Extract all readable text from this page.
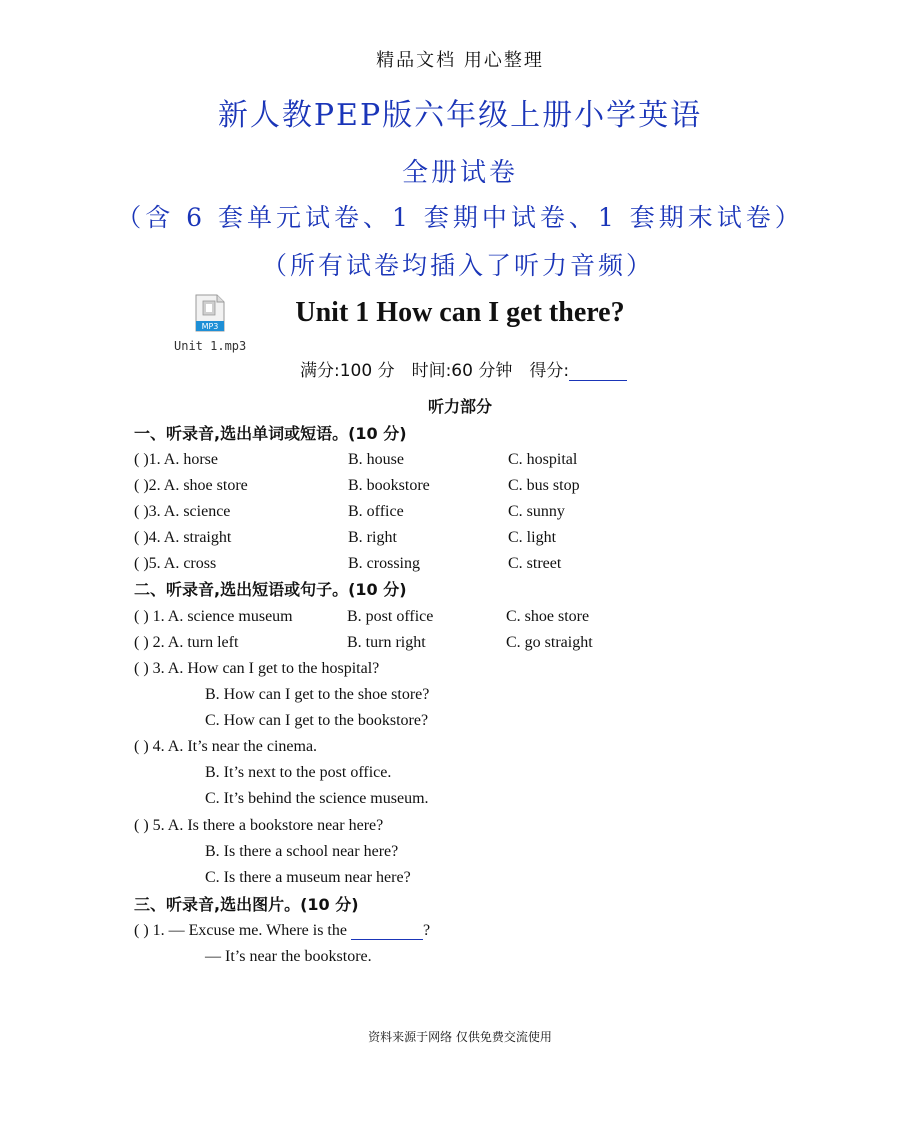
精品文档 用心整理
新人教PEP版六年级上册小学英语
全册试卷
（含 6 套单元试卷、1 套期中试卷、1 套期末试卷）
（所有试卷均插入了听力音频）
MP3
Unit 1.mp3
Unit 1 How can I get there?
满分:100 分　时间:60 分钟　得分:
听力部分
一、听录音,选出单词或短语。(10 分)
( )1. A. horse	B. house	C. hospital
( )2. A. shoe store	B. bookstore	C. bus stop
( )3. A. science	B. office	C. sunny
( )4. A. straight	B. right	C. light
( )5. A. cross	B. crossing	C. street
二、听录音,选出短语或句子。(10 分)
( ) 1. A. science museum	B. post office	C. shoe store
( ) 2. A. turn left	B. turn right	C. go straight
( ) 3. A. How can I get to the hospital?
B. How can I get to the shoe store?
C. How can I get to the bookstore?
( ) 4. A. It’s near the cinema.
B. It’s next to the post office.
C. It’s behind the science museum.
( ) 5. A. Is there a bookstore near here?
B. Is there a school near here?
C. Is there a museum near here?
三、听录音,选出图片。(10 分)
( ) 1. — Excuse me. Where is the	?
— It’s near the bookstore.
资料来源于网络 仅供免费交流使用
